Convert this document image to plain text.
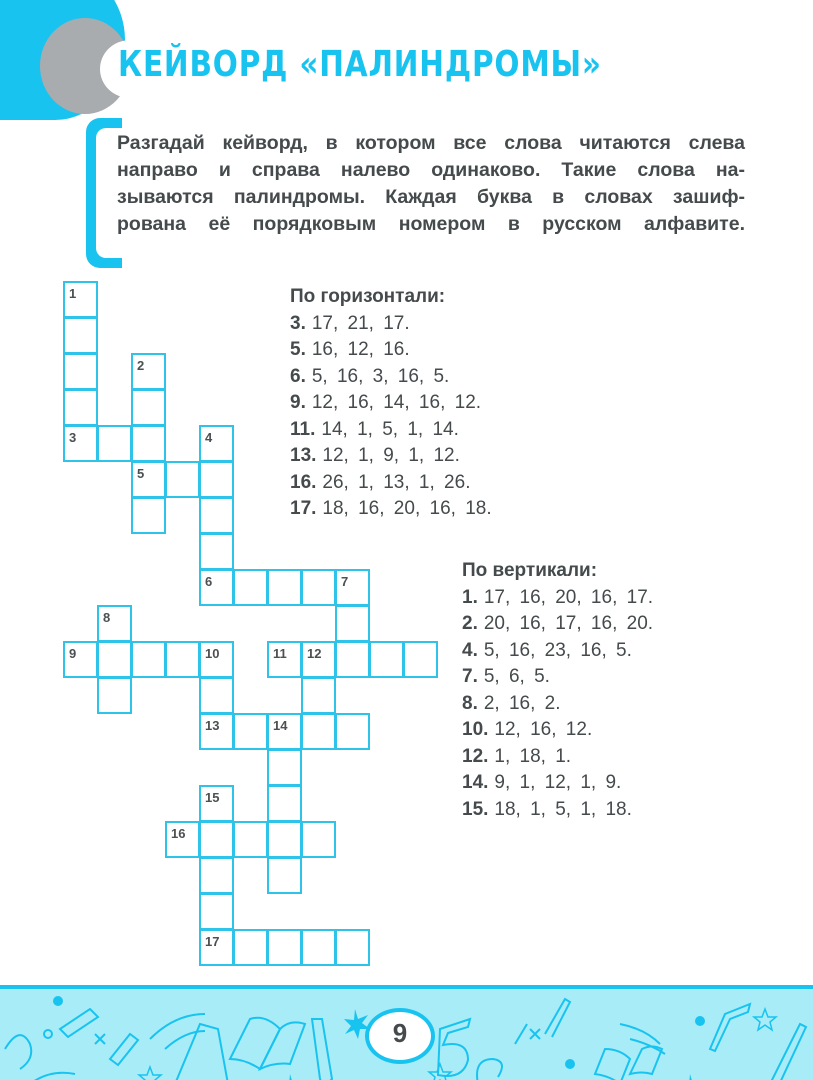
КЕЙВОРД «ПАЛИНДРОМЫ»
Разгадай кейворд, в котором все слова читаются слева
направо и справа налево одинаково. Такие слова на-
зываются палиндромы. Каждая буква в словах зашиф-
рована её порядковым номером в русском алфавите.
1
3
2
5
4
6	7
8
9	10
13
11 12
14
15
17
16
По горизонтали:
3. 17, 21, 17.
5. 16, 12, 16.
6. 5, 16, 3, 16, 5.
9. 12, 16, 14, 16, 12.
11. 14, 1, 5, 1, 14.
13. 12, 1, 9, 1, 12.
16. 26, 1, 13, 1, 26.
17. 18, 16, 20, 16, 18.
По вертикали:
1. 17, 16, 20, 16, 17.
2. 20, 16, 17, 16, 20.
4. 5, 16, 23, 16, 5.
7. 5, 6, 5.
8. 2, 16, 2.
10. 12, 16, 12.
12. 1, 18, 1.
14. 9, 1, 12, 1, 9.
15. 18, 1, 5, 1, 18.
9
